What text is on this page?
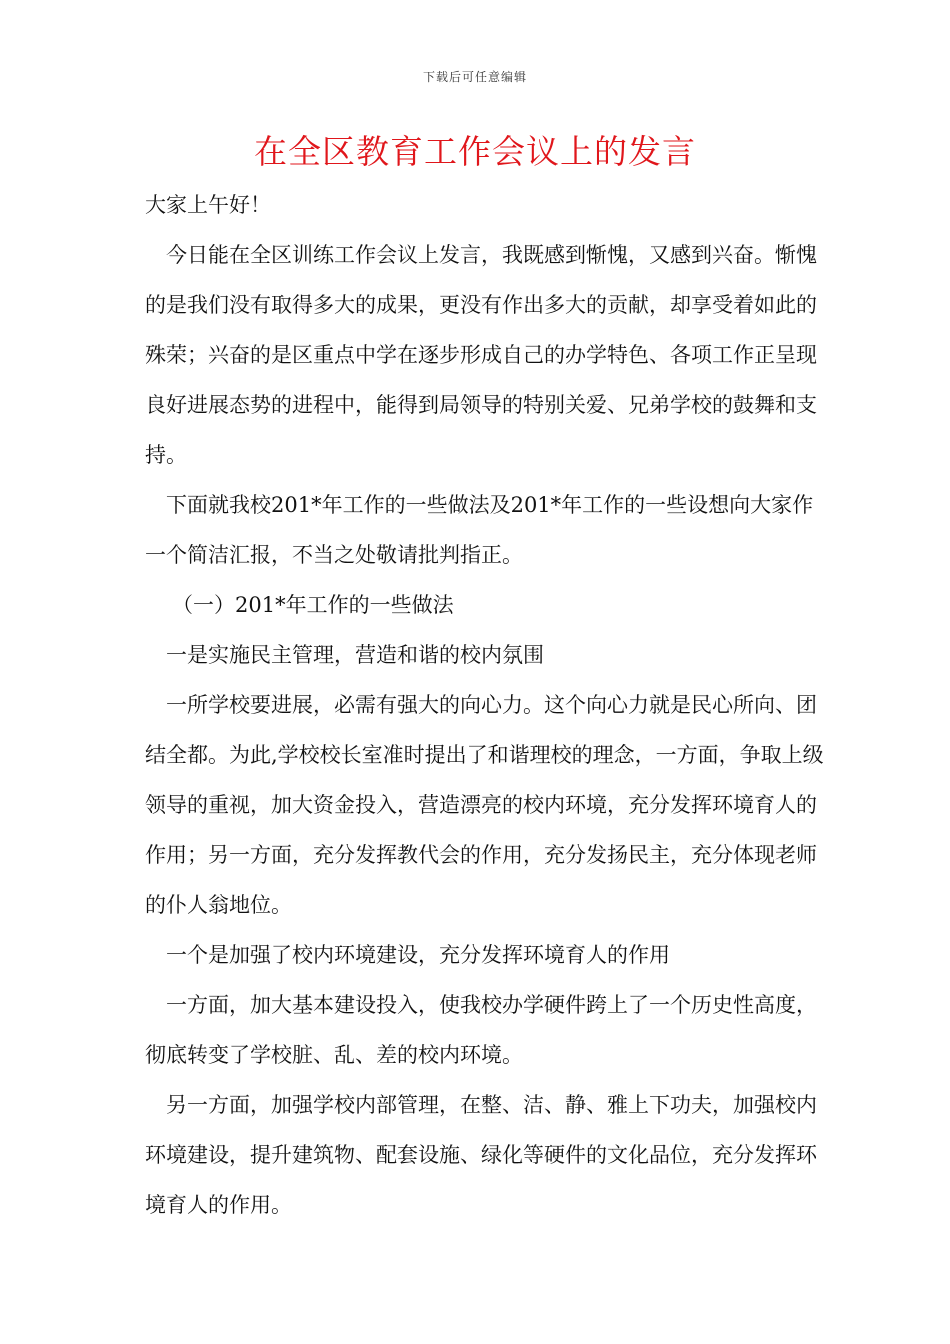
下载后可任意编辑
在全区教育工作会议上的发言

大家上午好！

今日能在全区训练工作会议上发言，我既感到惭愧，又感到兴奋。惭愧的是我们没有取得多大的成果，更没有作出多大的贡献，却享受着如此的殊荣；兴奋的是区重点中学在逐步形成自己的办学特色、各项工作正呈现良好进展态势的进程中，能得到局领导的特别关爱、兄弟学校的鼓舞和支持。

下面就我校201*年工作的一些做法及201*年工作的一些设想向大家作一个简洁汇报，不当之处敬请批判指正。

（一）201*年工作的一些做法

一是实施民主管理，营造和谐的校内氛围

一所学校要进展，必需有强大的向心力。这个向心力就是民心所向、团结全都。为此,学校校长室准时提出了和谐理校的理念，一方面，争取上级领导的重视，加大资金投入，营造漂亮的校内环境，充分发挥环境育人的作用；另一方面，充分发挥教代会的作用，充分发扬民主，充分体现老师的仆人翁地位。

一个是加强了校内环境建设，充分发挥环境育人的作用

一方面，加大基本建设投入，使我校办学硬件跨上了一个历史性高度，彻底转变了学校脏、乱、差的校内环境。

另一方面，加强学校内部管理，在整、洁、静、雅上下功夫，加强校内环境建设，提升建筑物、配套设施、绿化等硬件的文化品位，充分发挥环境育人的作用。
